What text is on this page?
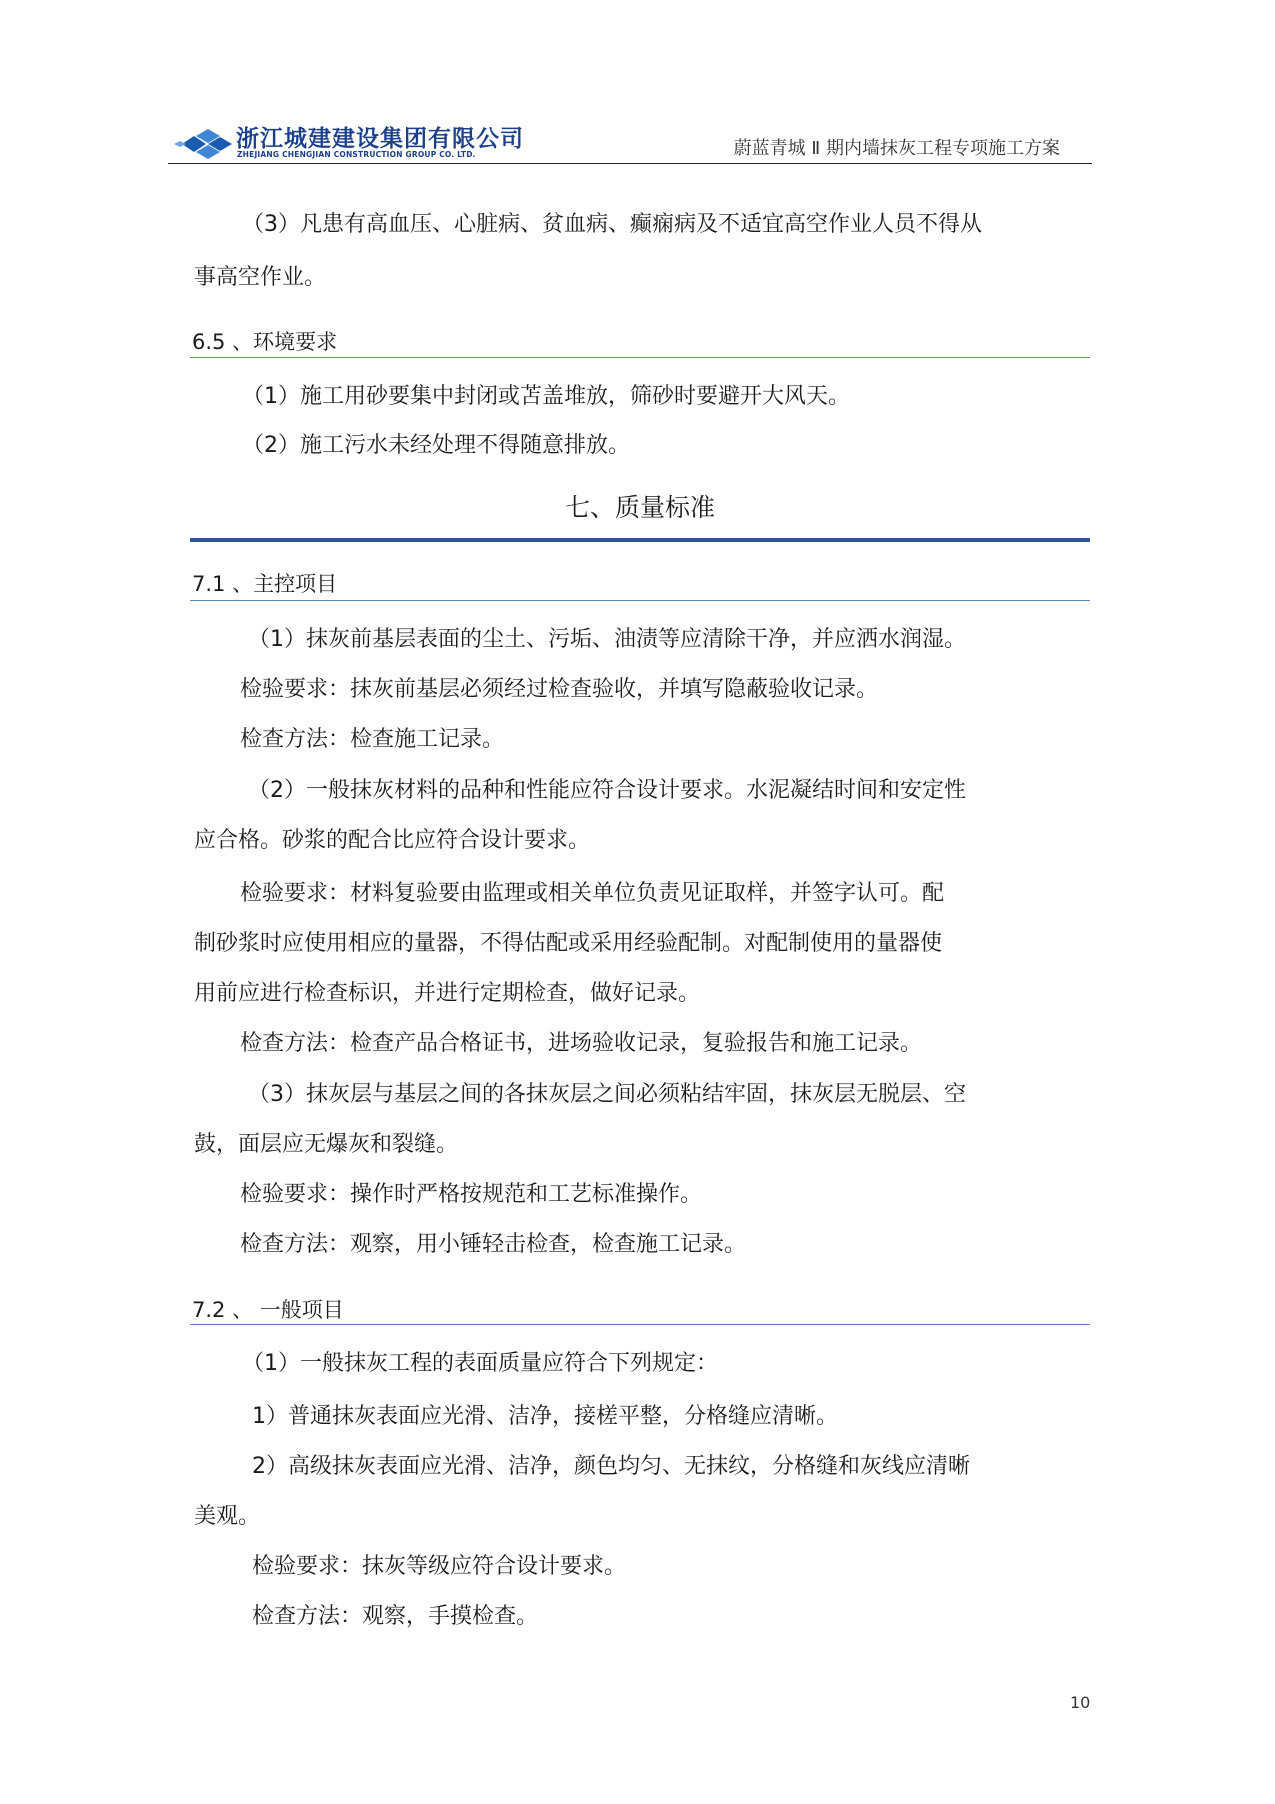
浙江城建建设集团有限公司
ZHEJIANG CHENGJIAN CONSTRUCTION GROUP CO. LTD.	蔚蓝青城 Ⅱ 期内墙抹灰工程专项施工方案
（3）凡患有高血压、心脏病、贫血病、癫痫病及不适宜高空作业人员不得从
事高空作业。
6.5 、环境要求
（1）施工用砂要集中封闭或苫盖堆放，筛砂时要避开大风天。
（2）施工污水未经处理不得随意排放。
七、质量标准
7.1 、主控项目
（1）抹灰前基层表面的尘土、污垢、油渍等应清除干净，并应洒水润湿。
检验要求：抹灰前基层必须经过检查验收，并填写隐蔽验收记录。
检查方法：检查施工记录。
（2）一般抹灰材料的品种和性能应符合设计要求。水泥凝结时间和安定性
应合格。砂浆的配合比应符合设计要求。
检验要求：材料复验要由监理或相关单位负责见证取样，并签字认可。配
制砂浆时应使用相应的量器，不得估配或采用经验配制。对配制使用的量器使
用前应进行检查标识，并进行定期检查，做好记录。
检查方法：检查产品合格证书，进场验收记录，复验报告和施工记录。
（3）抹灰层与基层之间的各抹灰层之间必须粘结牢固，抹灰层无脱层、空
鼓，面层应无爆灰和裂缝。
检验要求：操作时严格按规范和工艺标准操作。
检查方法：观察，用小锤轻击检查，检查施工记录。
7.2 、 一般项目
（1）一般抹灰工程的表面质量应符合下列规定：
1）普通抹灰表面应光滑、洁净，接槎平整，分格缝应清晰。
2）高级抹灰表面应光滑、洁净，颜色均匀、无抹纹，分格缝和灰线应清晰
美观。
检验要求：抹灰等级应符合设计要求。
检查方法：观察，手摸检查。
10
